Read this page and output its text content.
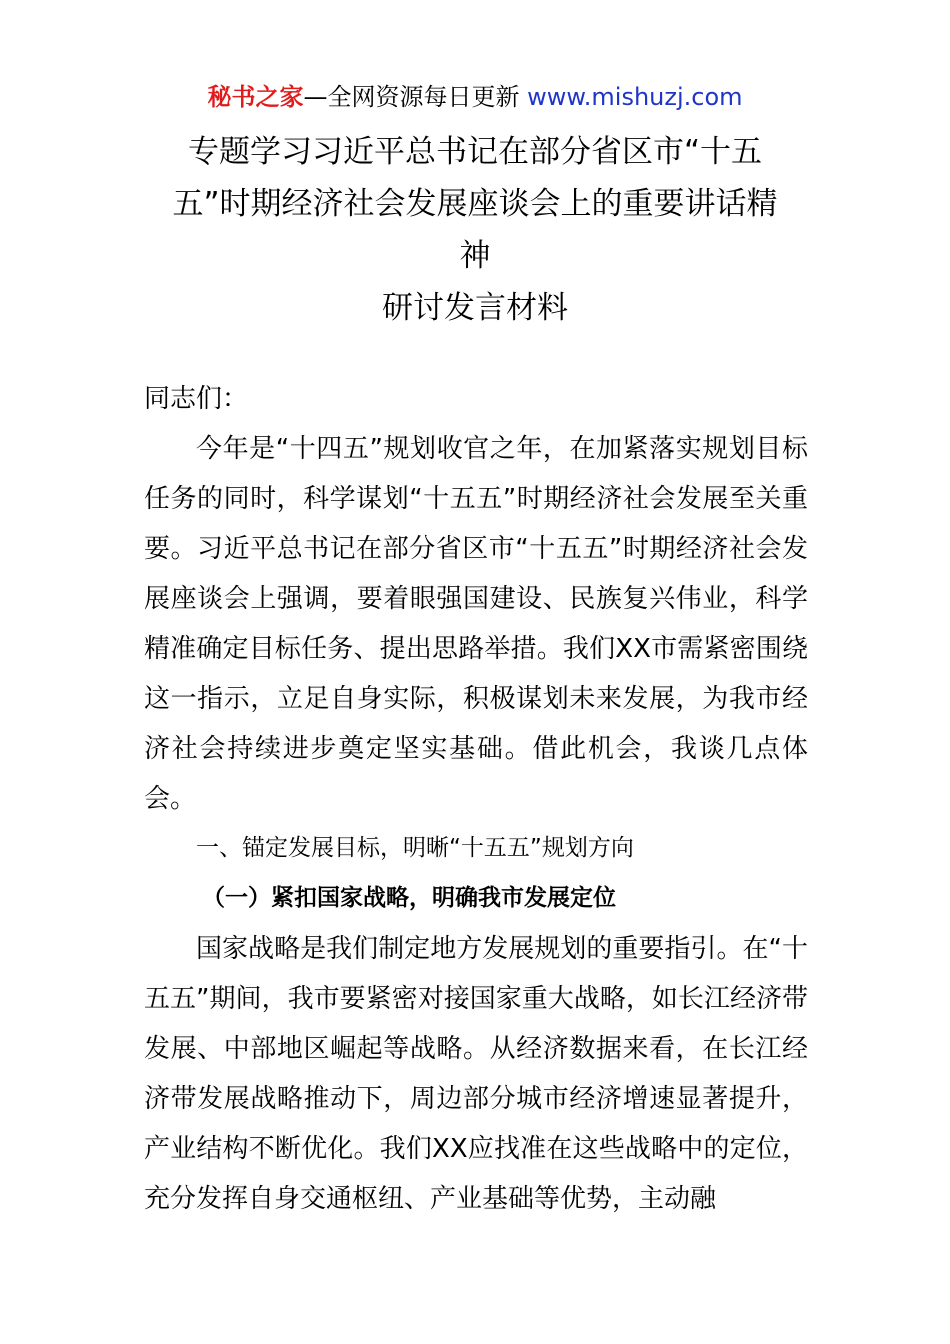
秘书之家—全网资源每日更新 www.mishuzj.com
专题学习习近平总书记在部分省区市“十五
五”时期经济社会发展座谈会上的重要讲话精
神
研讨发言材料

同志们：

今年是“十四五”规划收官之年，在加紧落实规划目标任务的同时，科学谋划“十五五”时期经济社会发展至关重要。习近平总书记在部分省区市“十五五”时期经济社会发展座谈会上强调，要着眼强国建设、民族复兴伟业，科学精准确定目标任务、提出思路举措。我们XX市需紧密围绕这一指示，立足自身实际，积极谋划未来发展，为我市经济社会持续进步奠定坚实基础。借此机会，我谈几点体会。

一、锚定发展目标，明晰“十五五”规划方向

（一）紧扣国家战略，明确我市发展定位

国家战略是我们制定地方发展规划的重要指引。在“十五五”期间，我市要紧密对接国家重大战略，如长江经济带发展、中部地区崛起等战略。从经济数据来看，在长江经济带发展战略推动下，周边部分城市经济增速显著提升，产业结构不断优化。我们XX应找准在这些战略中的定位，充分发挥自身交通枢纽、产业基础等优势，主动融
